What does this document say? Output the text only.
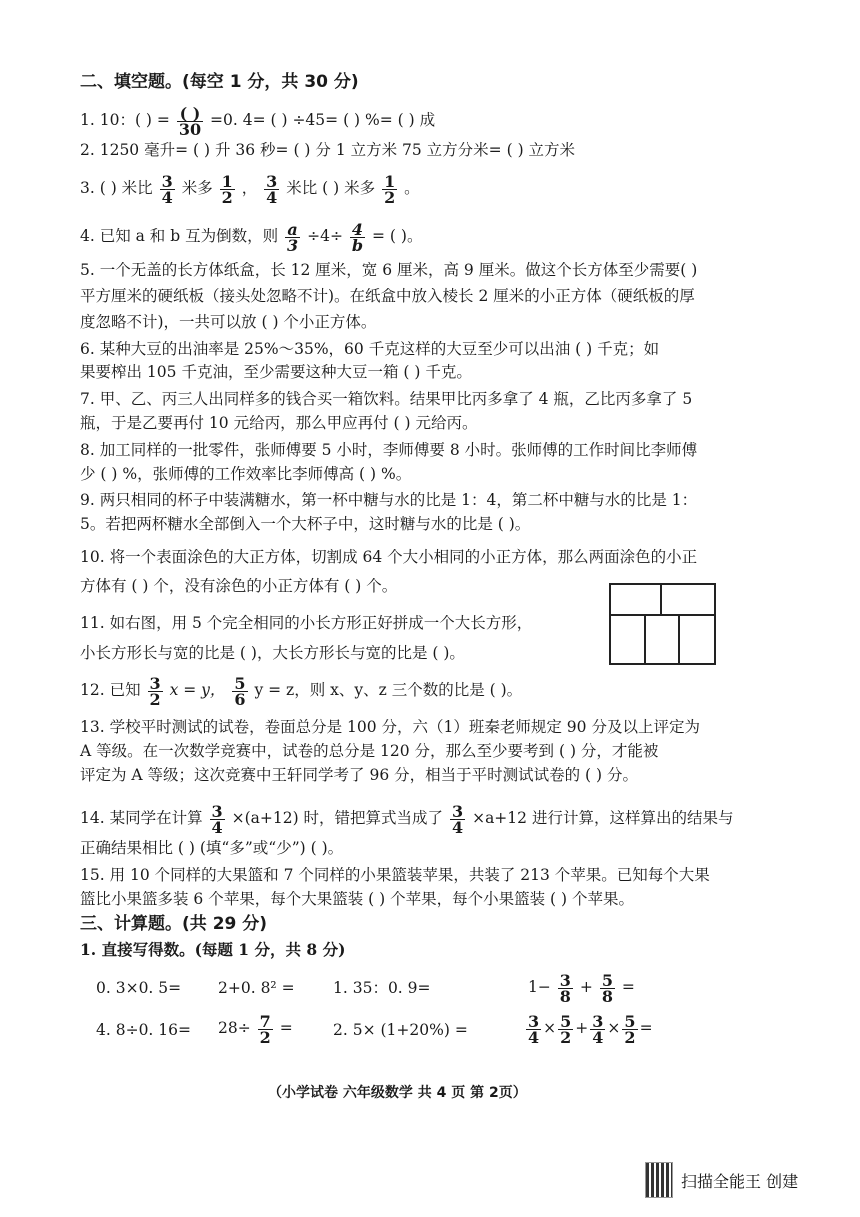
二、填空题。(每空 1 分，共 30 分)
1. 10：( ) = $\frac{( )}{30} =0$. 4= ( ) ÷45= ( ) %= ( ) 成
2. 1250 毫升= ( ) 升 36 秒= ( ) 分 1 立方米 75 立方分米= ( ) 立方米
3. ( ) 米比 $\frac{3}{4}$ 米多 $\frac{1}{2}$ ， $\frac{3}{4}$ 米比 ( ) 米多 $\frac{1}{2}$ 。
4. 已知 a 和 b 互为倒数，则 $\frac{a}{3} \div 4\div \frac{4}{b}$ = ( )。
5. 一个无盖的长方体纸盒，长 12 厘米，宽 6 厘米，高 9 厘米。做这个长方体至少需要( )
平方厘米的硬纸板（接头处忽略不计)。在纸盒中放入棱长 2 厘米的小正方体（硬纸板的厚
度忽略不计)，一共可以放 ( ) 个小正方体。
6. 某种大豆的出油率是 25%～35%，60 千克这样的大豆至少可以出油 ( ) 千克；如
果要榨出 105 千克油，至少需要这种大豆一箱 ( ) 千克。
7. 甲、乙、丙三人出同样多的钱合买一箱饮料。结果甲比丙多拿了 4 瓶，乙比丙多拿了 5
瓶，于是乙要再付 10 元给丙，那么甲应再付 ( ) 元给丙。
8. 加工同样的一批零件，张师傅要 5 小时，李师傅要 8 小时。张师傅的工作时间比李师傅
少 ( ) %，张师傅的工作效率比李师傅高 ( ) %。
9. 两只相同的杯子中装满糖水，第一杯中糖与水的比是 1：4，第二杯中糖与水的比是 1：
5。若把两杯糖水全部倒入一个大杯子中，这时糖与水的比是 ( )。
10. 将一个表面涂色的大正方体，切割成 64 个大小相同的小正方体，那么两面涂色的小正
方体有 ( ) 个，没有涂色的小正方体有 ( ) 个。
11. 如右图，用 5 个完全相同的小长方形正好拼成一个大长方形，
小长方形长与宽的比是 ( )，大长方形长与宽的比是 ( )。
12. 已知 $\frac{3}{2}$ x = y， $\frac{5}{6}$ y = z，则 x、y、z 三个数的比是 ( )。
13. 学校平时测试的试卷，卷面总分是 100 分，六（1）班秦老师规定 90 分及以上评定为
A 等级。在一次数学竞赛中，试卷的总分是 120 分，那么至少要考到 ( ) 分，才能被
评定为 A 等级；这次竞赛中王轩同学考了 96 分，相当于平时测试试卷的 ( ) 分。
14. 某同学在计算 $\frac{3}{4} \times(a+12)$ 时，错把算式当成了 $\frac{3}{4} \times a+12$ 进行计算，这样算出的结果与
正确结果相比 ( ) (填“多”或“少”) ( )。
15. 用 10 个同样的大果篮和 7 个同样的小果篮装苹果，共装了 213 个苹果。已知每个大果
篮比小果篮多装 6 个苹果，每个大果篮装 ( ) 个苹果，每个小果篮装 ( ) 个苹果。
三、计算题。(共 29 分)
1. 直接写得数。(每题 1 分，共 8 分)
0. 3×0. 5= 2+0. 8² = 1. 35：0. 9=	$1- \frac{3}{8} + \frac{5}{8}$ =
4. 8÷0. $16= 28\div \frac{7}{2}$ =	2. 5× (1+20%) =	$\frac{3}{4} \times \frac{5}{2} + \frac{3}{4} \times \frac{5}{2}$ =
（小学试卷 六年级数学 共 4 页 第 2页）
扫描全能王 创建
